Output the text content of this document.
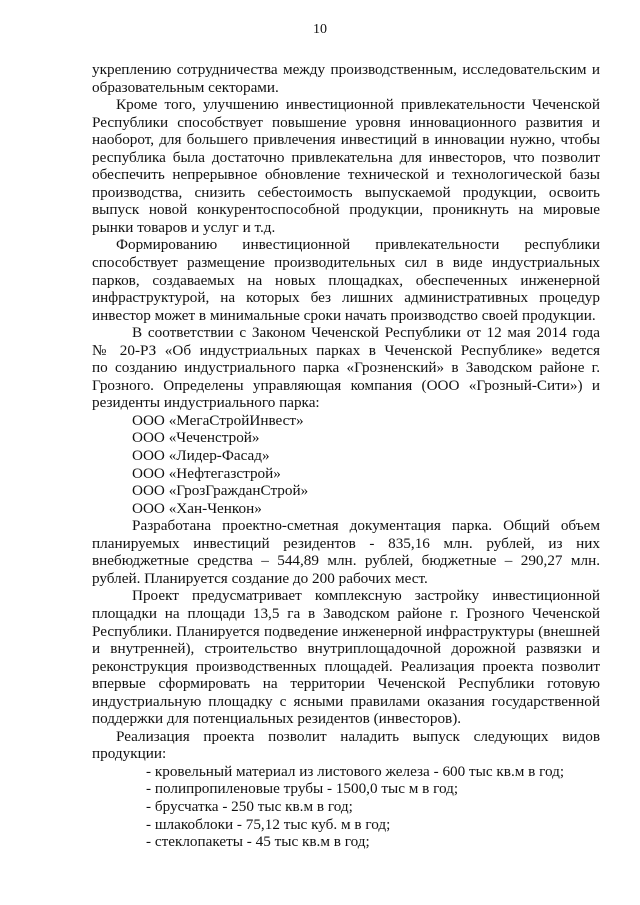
10
укреплению сотрудничества между производственным, исследовательским и
образовательным секторами.
Кроме того, улучшению инвестиционной привлекательности Чеченской
Республики способствует повышение уровня инновационного развития и
наоборот, для большего привлечения инвестиций в инновации нужно, чтобы
республика была достаточно привлекательна для инвесторов, что позволит
обеспечить непрерывное обновление технической и технологической базы
производства, снизить себестоимость выпускаемой продукции, освоить
выпуск новой конкурентоспособной продукции, проникнуть на мировые
рынки товаров и услуг и т.д.
Формированию инвестиционной привлекательности республики
способствует размещение производительных сил в виде индустриальных
парков, создаваемых на новых площадках, обеспеченных инженерной
инфраструктурой, на которых без лишних административных процедур
инвестор может в минимальные сроки начать производство своей продукции.
В соответствии с Законом Чеченской Республики от 12 мая 2014 года
№ 20-РЗ «Об индустриальных парках в Чеченской Республике» ведется
по созданию индустриального парка «Грозненский» в Заводском районе г.
Грозного. Определены управляющая компания (ООО «Грозный-Сити») и
резиденты индустриального парка:
ООО «МегаСтройИнвест»
ООО «Чеченстрой»
ООО «Лидер-Фасад»
ООО «Нефтегазстрой»
ООО «ГрозГражданСтрой»
ООО «Хан-Ченкон»
Разработана проектно-сметная документация парка. Общий объем
планируемых инвестиций резидентов - 835,16 млн. рублей, из них
внебюджетные средства – 544,89 млн. рублей, бюджетные – 290,27 млн.
рублей. Планируется создание до 200 рабочих мест.
Проект предусматривает комплексную застройку инвестиционной
площадки на площади 13,5 га в Заводском районе г. Грозного Чеченской
Республики. Планируется подведение инженерной инфраструктуры (внешней
и внутренней), строительство внутриплощадочной дорожной развязки и
реконструкция производственных площадей. Реализация проекта позволит
впервые сформировать на территории Чеченской Республики готовую
индустриальную площадку с ясными правилами оказания государственной
поддержки для потенциальных резидентов (инвесторов).
Реализация проекта позволит наладить выпуск следующих видов
продукции:
- кровельный материал из листового железа - 600 тыс кв.м в год;
- полипропиленовые трубы - 1500,0 тыс м в год;
- брусчатка - 250 тыс кв.м в год;
- шлакоблоки - 75,12 тыс куб. м в год;
- стеклопакеты - 45 тыс кв.м в год;
